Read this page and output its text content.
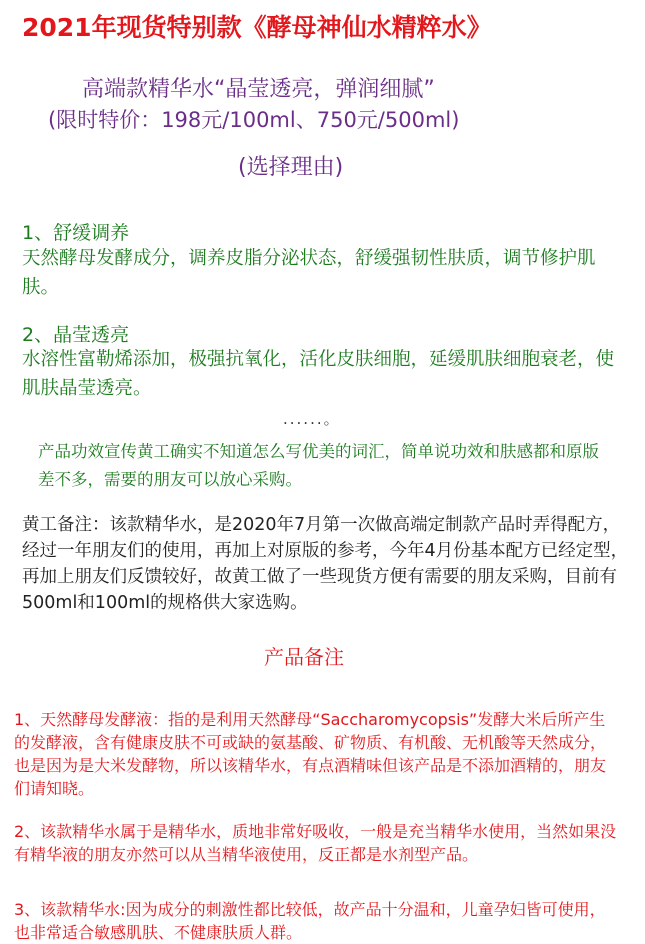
2021年现货特别款《酵母神仙水精粹水》
高端款精华水“晶莹透亮，弹润细腻”
(限时特价：198元/100ml、750元/500ml)
(选择理由)
1、舒缓调养
天然酵母发酵成分，调养皮脂分泌状态，舒缓强韧性肤质，调节修护肌肤。
2、晶莹透亮
水溶性富勒烯添加，极强抗氧化，活化皮肤细胞，延缓肌肤细胞衰老，使肌肤晶莹透亮。
......。
产品功效宣传黄工确实不知道怎么写优美的词汇，简单说功效和肤感都和原版差不多，需要的朋友可以放心采购。
黄工备注：该款精华水，是2020年7月第一次做高端定制款产品时弄得配方，经过一年朋友们的使用，再加上对原版的参考，今年4月份基本配方已经定型，再加上朋友们反馈较好，故黄工做了一些现货方便有需要的朋友采购，目前有500ml和100ml的规格供大家选购。
产品备注
1、天然酵母发酵液：指的是利用天然酵母“Saccharomycopsis”发酵大米后所产生的发酵液，含有健康皮肤不可或缺的氨基酸、矿物质、有机酸、无机酸等天然成分，也是因为是大米发酵物，所以该精华水，有点酒精味但该产品是不添加酒精的，朋友们请知晓。
2、该款精华水属于是精华水，质地非常好吸收，一般是充当精华水使用，当然如果没有精华液的朋友亦然可以从当精华液使用，反正都是水剂型产品。
3、该款精华水:因为成分的刺激性都比较低，故产品十分温和，儿童孕妇皆可使用，也非常适合敏感肌肤、不健康肤质人群。
